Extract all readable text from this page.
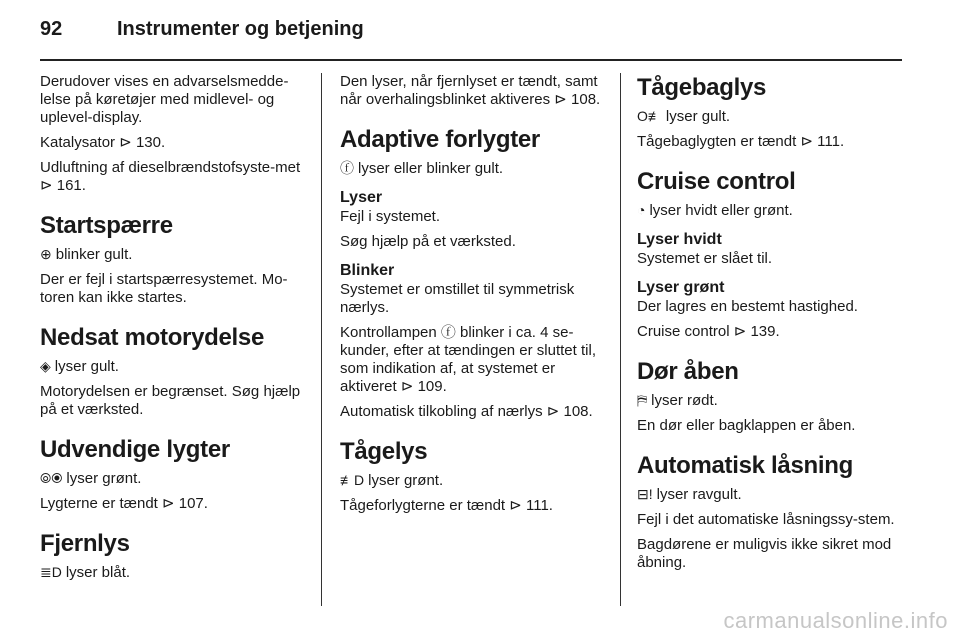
92	Instrumenter og betjening

Derudover vises en advarselsmedde-lelse på køretøjer med midlevel- og uplevel-display.

Katalysator ⊳ 130.

Udluftning af dieselbrændstofsyste-met ⊳ 161.

Startspærre

⊕ blinker gult.

Der er fejl i startspærresystemet. Mo-toren kan ikke startes.

Nedsat motorydelse

◈ lyser gult.

Motorydelsen er begrænset. Søg hjælp på et værksted.

Udvendige lygter

⦾⦿ lyser grønt.

Lygterne er tændt ⊳ 107.

Fjernlys

≣D lyser blåt.

Den lyser, når fjernlyset er tændt, samt når overhalingsblinket aktiveres ⊳ 108.

Adaptive forlygter

ⓕ lyser eller blinker gult.

Lyser

Fejl i systemet.

Søg hjælp på et værksted.

Blinker

Systemet er omstillet til symmetrisk nærlys.

Kontrollampen ⓕ blinker i ca. 4 se-kunder, efter at tændingen er sluttet til, som indikation af, at systemet er aktiveret ⊳ 109.

Automatisk tilkobling af nærlys ⊳ 108.

Tågelys

≢D lyser grønt.

Tågeforlygterne er tændt ⊳ 111.

Tågebaglys

O≢ lyser gult.

Tågebaglygten er tændt ⊳ 111.

Cruise control

◔ lyser hvidt eller grønt.

Lyser hvidt

Systemet er slået til.

Lyser grønt

Der lagres en bestemt hastighed.

Cruise control ⊳ 139.

Dør åben

⛿ lyser rødt.

En dør eller bagklappen er åben.

Automatisk låsning

⊟! lyser ravgult.

Fejl i det automatiske låsningssy-stem.

Bagdørene er muligvis ikke sikret mod åbning.

carmanualsonline.info
